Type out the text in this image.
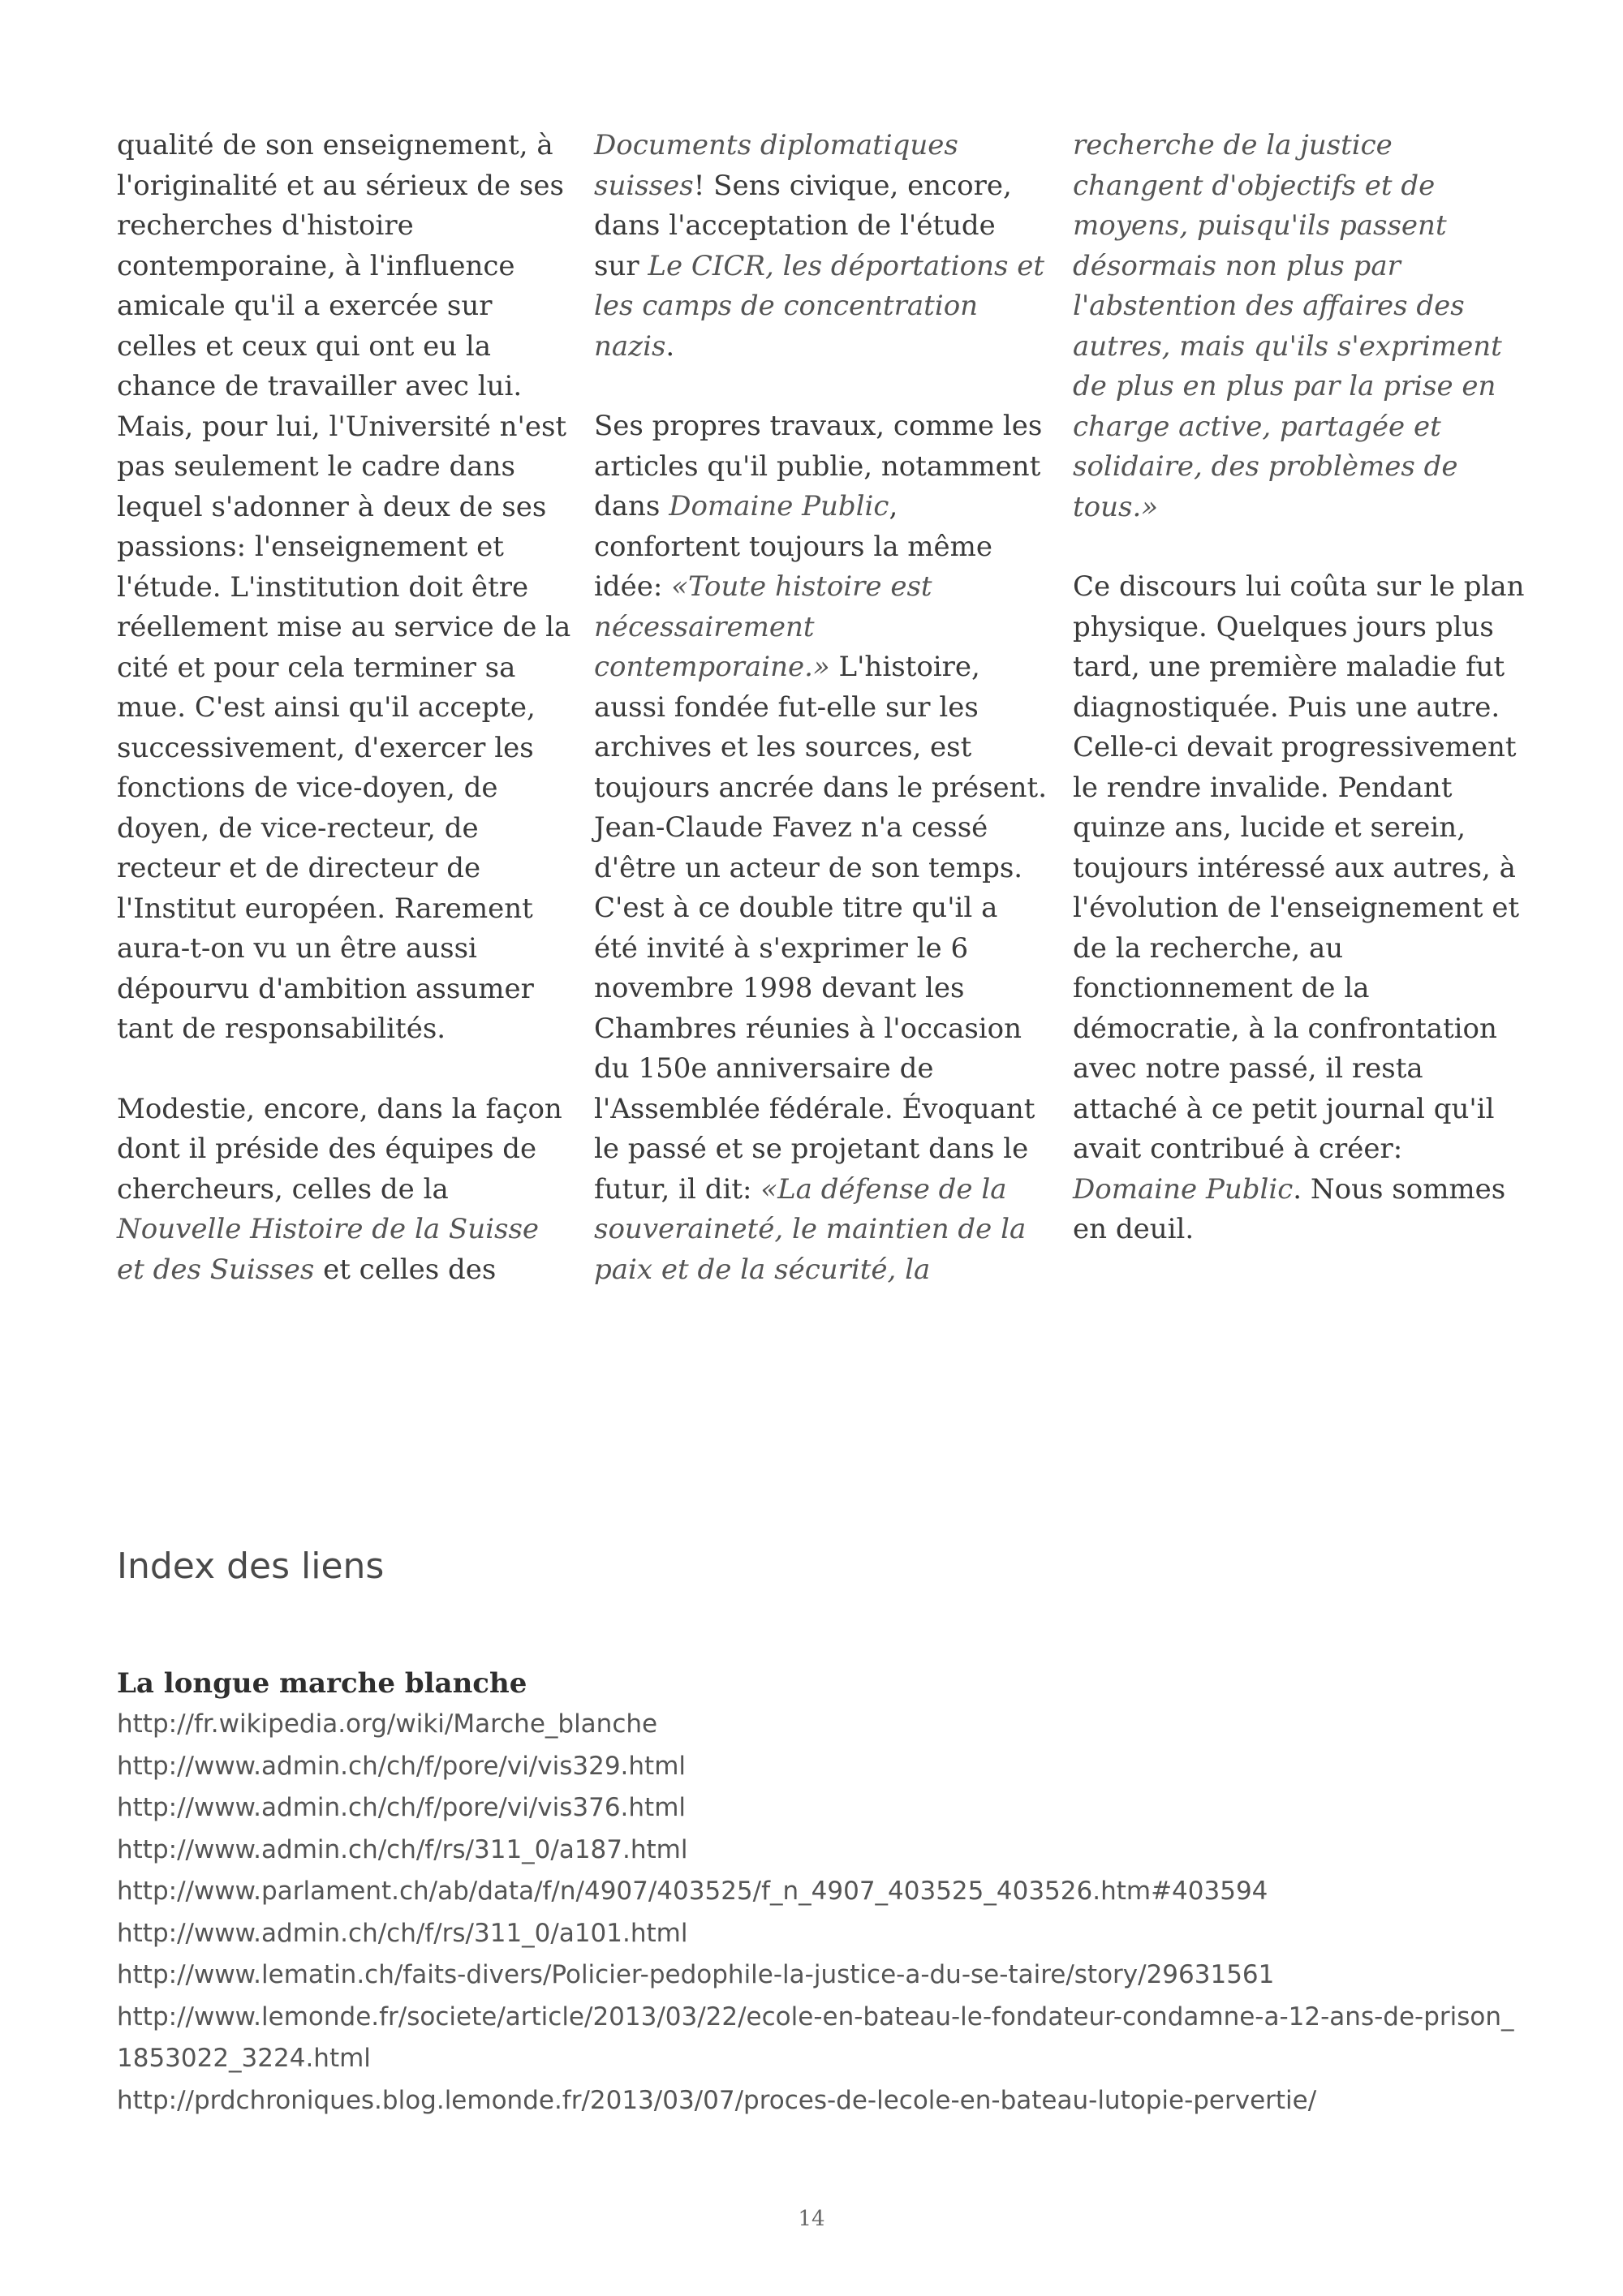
qualité de son enseignement, à l'originalité et au sérieux de ses recherches d'histoire contemporaine, à l'influence amicale qu'il a exercée sur celles et ceux qui ont eu la chance de travailler avec lui. Mais, pour lui, l'Université n'est pas seulement le cadre dans lequel s'adonner à deux de ses passions: l'enseignement et l'étude. L'institution doit être réellement mise au service de la cité et pour cela terminer sa mue. C'est ainsi qu'il accepte, successivement, d'exercer les fonctions de vice-doyen, de doyen, de vice-recteur, de recteur et de directeur de l'Institut européen. Rarement aura-t-on vu un être aussi dépourvu d'ambition assumer tant de responsabilités.

Modestie, encore, dans la façon dont il préside des équipes de chercheurs, celles de la Nouvelle Histoire de la Suisse et des Suisses et celles des

Documents diplomatiques suisses! Sens civique, encore, dans l'acceptation de l'étude sur Le CICR, les déportations et les camps de concentration nazis.

Ses propres travaux, comme les articles qu'il publie, notamment dans Domaine Public, confortent toujours la même idée: «Toute histoire est nécessairement contemporaine.» L'histoire, aussi fondée fut-elle sur les archives et les sources, est toujours ancrée dans le présent. Jean-Claude Favez n'a cessé d'être un acteur de son temps. C'est à ce double titre qu'il a été invité à s'exprimer le 6 novembre 1998 devant les Chambres réunies à l'occasion du 150e anniversaire de l'Assemblée fédérale. Évoquant le passé et se projetant dans le futur, il dit: «La défense de la souveraineté, le maintien de la paix et de la sécurité, la

recherche de la justice changent d'objectifs et de moyens, puisqu'ils passent désormais non plus par l'abstention des affaires des autres, mais qu'ils s'expriment de plus en plus par la prise en charge active, partagée et solidaire, des problèmes de tous.»

Ce discours lui coûta sur le plan physique. Quelques jours plus tard, une première maladie fut diagnostiquée. Puis une autre. Celle-ci devait progressivement le rendre invalide. Pendant quinze ans, lucide et serein, toujours intéressé aux autres, à l'évolution de l'enseignement et de la recherche, au fonctionnement de la démocratie, à la confrontation avec notre passé, il resta attaché à ce petit journal qu'il avait contribué à créer: Domaine Public. Nous sommes en deuil.

Index des liens
La longue marche blanche
http://fr.wikipedia.org/wiki/Marche_blanche
http://www.admin.ch/ch/f/pore/vi/vis329.html
http://www.admin.ch/ch/f/pore/vi/vis376.html
http://www.admin.ch/ch/f/rs/311_0/a187.html
http://www.parlament.ch/ab/data/f/n/4907/403525/f_n_4907_403525_403526.htm#403594
http://www.admin.ch/ch/f/rs/311_0/a101.html
http://www.lematin.ch/faits-divers/Policier-pedophile-la-justice-a-du-se-taire/story/29631561
http://www.lemonde.fr/societe/article/2013/03/22/ecole-en-bateau-le-fondateur-condamne-a-12-ans-de-prison_1853022_3224.html
http://prdchroniques.blog.lemonde.fr/2013/03/07/proces-de-lecole-en-bateau-lutopie-pervertie/
14
